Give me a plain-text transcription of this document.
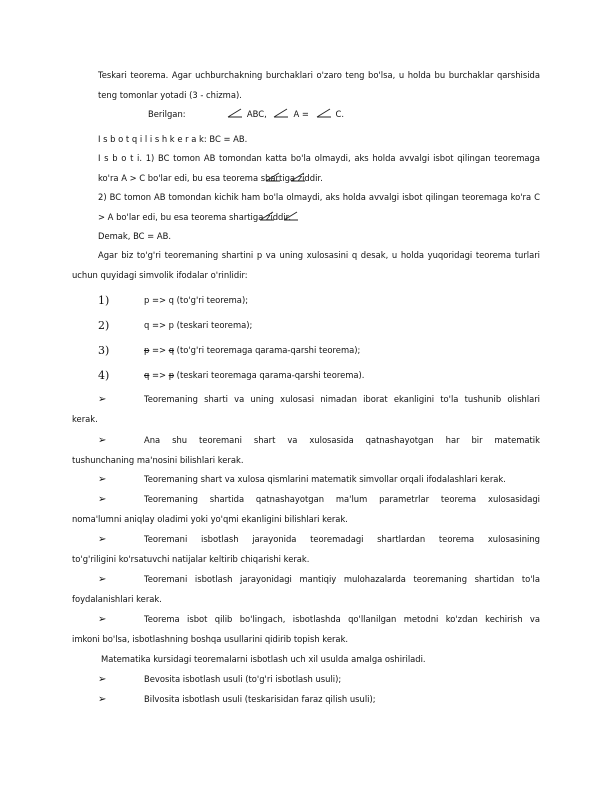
Teskari teorema. Agar uchburchakning burchaklari o'zaro teng bo'lsa, u holda bu burchaklar qarshisida teng tomonlar yotadi (3 - chizma).

Berilgan:	ABC,	A =	C.

I s b o t q i l i s h k e r a k: BC = AB.

I s b o t i. 1) BC tomon AB tomondan katta bo'la olmaydi, aks holda avvalgi isbot qilingan teoremaga ko'ra A > C bo'lar edi, bu esa teorema shartiga ziddir.

2) BC tomon AB tomondan kichik ham bo'la olmaydi, aks holda avvalgi isbot qilingan teoremaga ko'ra C > A bo'lar edi, bu esa teorema shartiga ziddir.

Demak, BC = AB.

Agar biz to'g'ri teoremaning shartini p va uning xulosasini q desak, u holda yuqoridagi teorema turlari uchun quyidagi simvolik ifodalar o'rinlidir:

1)	p => q (to'g'ri teorema);
2)	q => p (teskari teorema);
3)	p => q (to'g'ri teoremaga qarama-qarshi teorema);
4)	q => p (teskari teoremaga qarama-qarshi teorema).
➢	Teoremaning sharti va uning xulosasi nimadan iborat ekanligini to'la tushunib olishlari
kerak.
➢	Ana shu teoremani shart va xulosasida qatnashayotgan har bir matematik
tushunchaning ma'nosini bilishlari kerak.
➢	Teoremaning shart va xulosa qismlarini matematik simvollar orqali ifodalashlari kerak.
➢	Teoremaning shartida qatnashayotgan ma'lum parametrlar teorema xulosasidagi
noma'lumni aniqlay oladimi yoki yo'qmi ekanligini bilishlari kerak.
➢	Teoremani isbotlash jarayonida teoremadagi shartlardan teorema xulosasining
to'g'riligini ko'rsatuvchi natijalar keltirib chiqarishi kerak.
➢	Teoremani isbotlash jarayonidagi mantiqiy mulohazalarda teoremaning shartidan to'la
foydalanishlari kerak.
➢	Teorema isbot qilib bo'lingach, isbotlashda qo'llanilgan metodni ko'zdan kechirish va
imkoni bo'lsa, isbotlashning boshqa usullarini qidirib topish kerak.

Matematika kursidagi teoremalarni isbotlash uch xil usulda amalga oshiriladi.

➢	Bevosita isbotlash usuli (to'g'ri isbotlash usuli);
➢	Bilvosita isbotlash usuli (teskarisidan faraz qilish usuli);
